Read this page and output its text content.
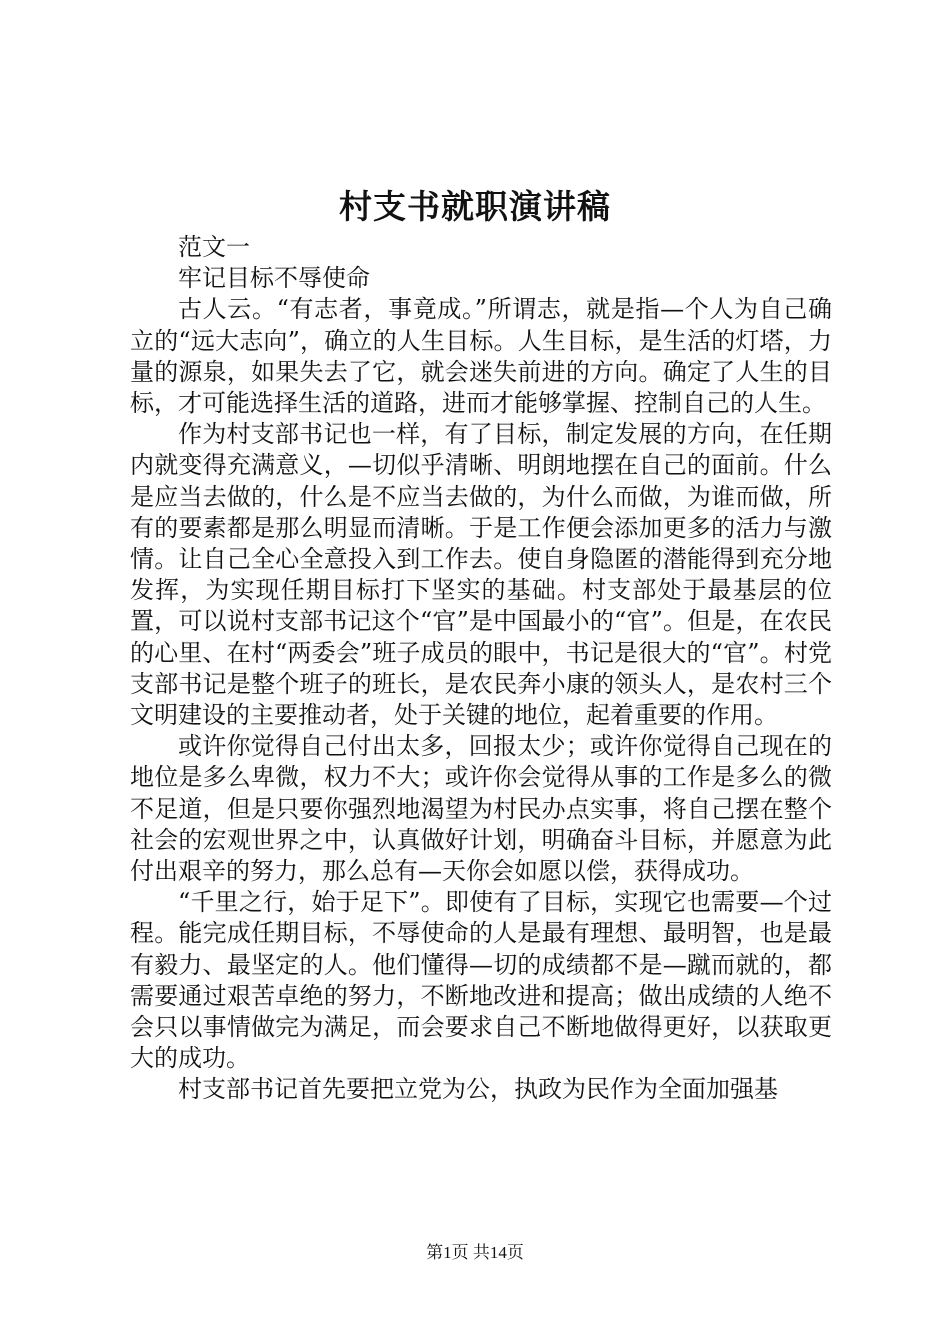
村支书就职演讲稿

范文一

牢记目标不辱使命

古人云。“有志者，事竟成。”所谓志，就是指—个人为自己确立的“远大志向”，确立的人生目标。人生目标，是生活的灯塔，力量的源泉，如果失去了它，就会迷失前进的方向。确定了人生的目标，才可能选择生活的道路，进而才能够掌握、控制自己的人生。

作为村支部书记也一样，有了目标，制定发展的方向，在任期内就变得充满意义，—切似乎清晰、明朗地摆在自己的面前。什么是应当去做的，什么是不应当去做的，为什么而做，为谁而做，所有的要素都是那么明显而清晰。于是工作便会添加更多的活力与激情。让自己全心全意投入到工作去。使自身隐匿的潜能得到充分地发挥，为实现任期目标打下坚实的基础。村支部处于最基层的位置，可以说村支部书记这个“官”是中国最小的“官”。但是，在农民的心里、在村“两委会”班子成员的眼中，书记是很大的“官”。村党支部书记是整个班子的班长，是农民奔小康的领头人，是农村三个文明建设的主要推动者，处于关键的地位，起着重要的作用。

或许你觉得自己付出太多，回报太少；或许你觉得自己现在的地位是多么卑微，权力不大；或许你会觉得从事的工作是多么的微不足道，但是只要你强烈地渴望为村民办点实事，将自己摆在整个社会的宏观世界之中，认真做好计划，明确奋斗目标，并愿意为此付出艰辛的努力，那么总有—天你会如愿以偿，获得成功。

“千里之行，始于足下”。即使有了目标，实现它也需要—个过程。能完成任期目标，不辱使命的人是最有理想、最明智，也是最有毅力、最坚定的人。他们懂得—切的成绩都不是—蹴而就的，都需要通过艰苦卓绝的努力，不断地改进和提高；做出成绩的人绝不会只以事情做完为满足，而会要求自己不断地做得更好，以获取更大的成功。

村支部书记首先要把立党为公，执政为民作为全面加强基

第1页 共14页
